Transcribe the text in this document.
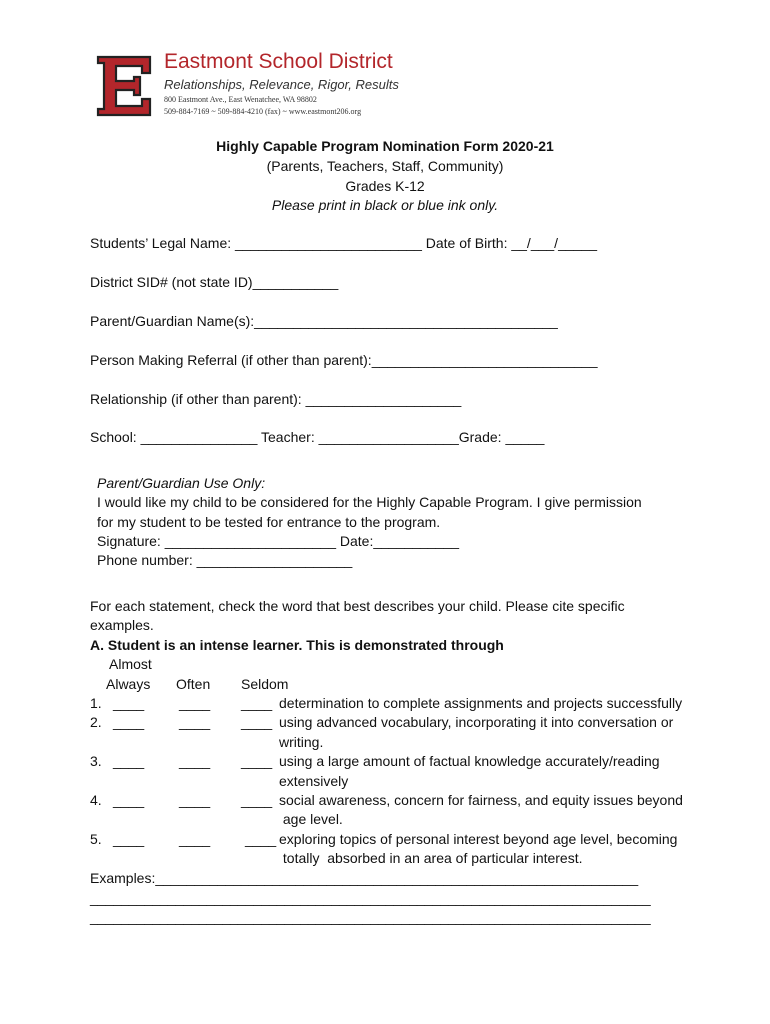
Eastmont School District
Relationships, Relevance, Rigor, Results
800 Eastmont Ave., East Wenatchee, WA 98802
509-884-7169 ~ 509-884-4210 (fax) ~ www.eastmont206.org
Highly Capable Program Nomination Form 2020-21
(Parents, Teachers, Staff, Community)
Grades K-12
Please print in black or blue ink only.
Students’ Legal Name: ________________________ Date of Birth: __/___/_____
District SID# (not state ID)___________
Parent/Guardian Name(s):_______________________________________
Person Making Referral (if other than parent):_____________________________
Relationship (if other than parent): ____________________
School: _______________ Teacher: __________________Grade: _____
Parent/Guardian Use Only:
I would like my child to be considered for the Highly Capable Program. I give permission
for my student to be tested for entrance to the program.
Signature: ______________________ Date:___________
Phone number: ____________________
For each statement, check the word that best describes your child. Please cite specific
examples.
A. Student is an intense learner. This is demonstrated through
Almost
Always Often Seldom
1. ____ ____ ____ determination to complete assignments and projects successfully
2. ____ ____ ____ using advanced vocabulary, incorporating it into conversation or
writing.
3. ____ ____ ____ using a large amount of factual knowledge accurately/reading
extensively
4. ____ ____ ____ social awareness, concern for fairness, and equity issues beyond
age level.
5. ____ ____ ____ exploring topics of personal interest beyond age level, becoming
totally  absorbed in an area of particular interest.
Examples:______________________________________________________________
________________________________________________________________________
________________________________________________________________________
